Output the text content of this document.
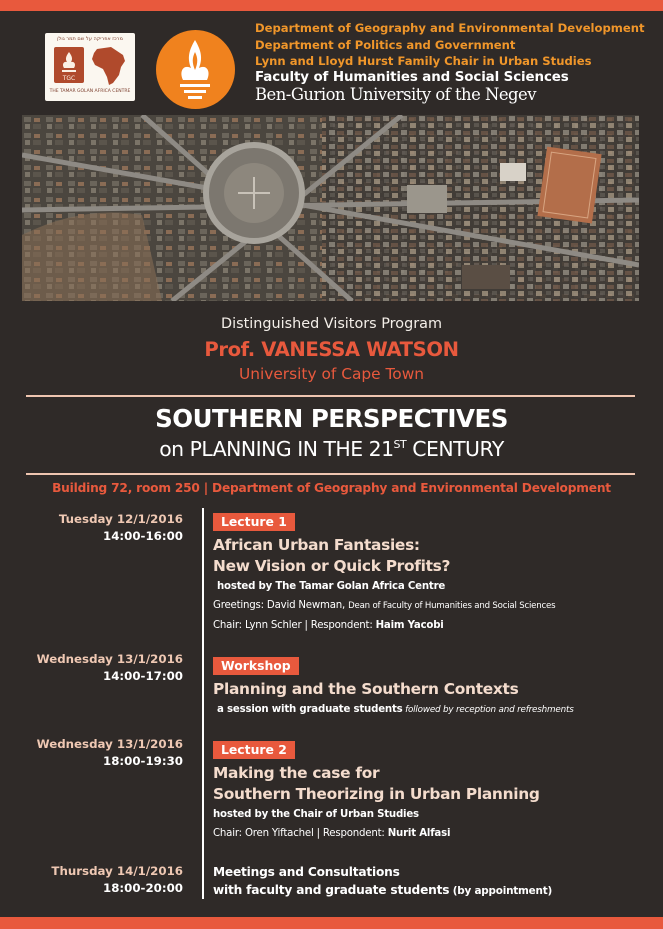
מרכז אפריקה על שם תמר גולן
TGC
THE TAMAR GOLAN AFRICA CENTRE
Department of Geography and Environmental Development
Department of Politics and Government
Lynn and Lloyd Hurst Family Chair in Urban Studies
Faculty of Humanities and Social Sciences
Ben-Gurion University of the Negev
Distinguished Visitors Program
Prof. VANESSA WATSON
University of Cape Town
SOUTHERN PERSPECTIVES
on PLANNING IN THE 21ST CENTURY
Building 72, room 250 | Department of Geography and Environmental Development
Tuesday 12/1/2016
14:00-16:00
Lecture 1
African Urban Fantasies:
New Vision or Quick Profits?
hosted by The Tamar Golan Africa Centre
Greetings: David Newman, Dean of Faculty of Humanities and Social Sciences
Chair: Lynn Schler | Respondent: Haim Yacobi
Wednesday 13/1/2016
14:00-17:00
Workshop
Planning and the Southern Contexts
a session with graduate students followed by reception and refreshments
Wednesday 13/1/2016
18:00-19:30
Lecture 2
Making the case for
Southern Theorizing in Urban Planning
hosted by the Chair of Urban Studies
Chair: Oren Yiftachel | Respondent: Nurit Alfasi
Thursday 14/1/2016
18:00-20:00
Meetings and Consultations
with faculty and graduate students (by appointment)
